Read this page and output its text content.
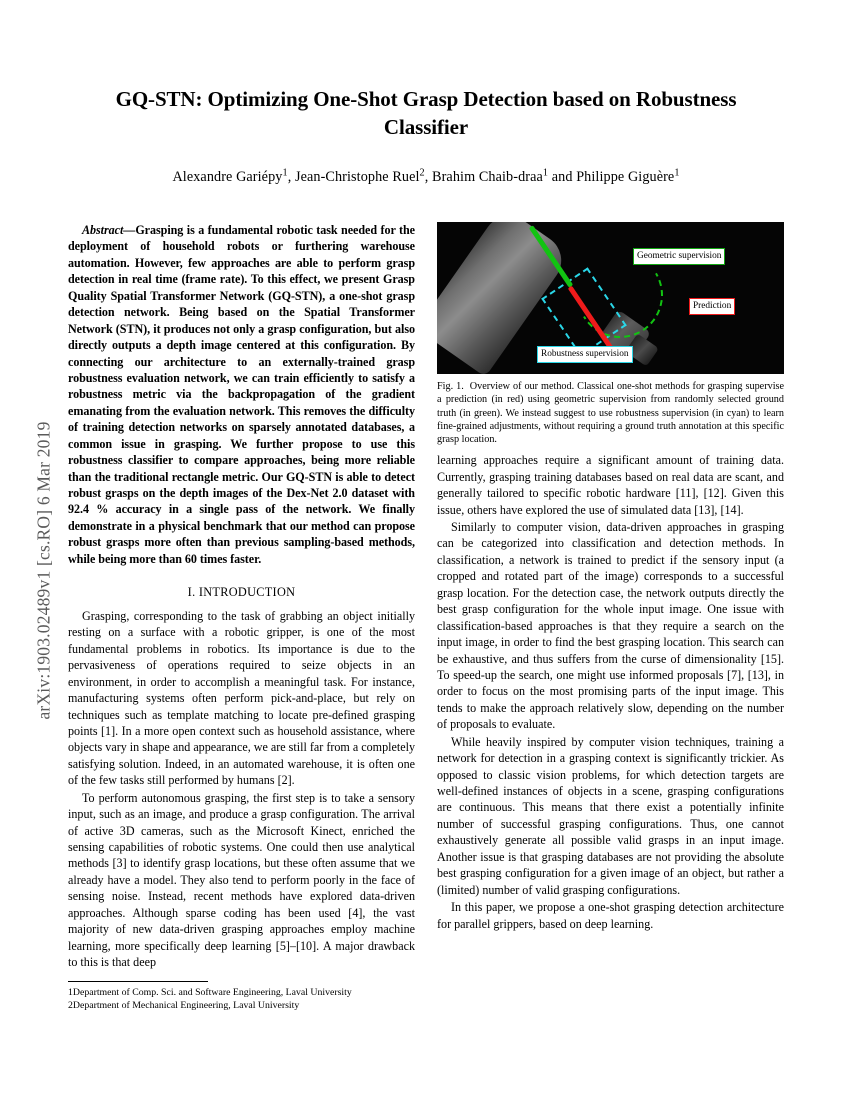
arXiv:1903.02489v1 [cs.RO] 6 Mar 2019
GQ-STN: Optimizing One-Shot Grasp Detection based on Robustness Classifier
Alexandre Gariépy$^1$, Jean-Christophe Ruel$^2$, Brahim Chaib-draa$^1$ and Philippe Giguère$^1$

Abstract—Grasping is a fundamental robotic task needed for the deployment of household robots or furthering warehouse automation. However, few approaches are able to perform grasp detection in real time (frame rate). To this effect, we present Grasp Quality Spatial Transformer Network (GQ-STN), a one-shot grasp detection network. Being based on the Spatial Transformer Network (STN), it produces not only a grasp configuration, but also directly outputs a depth image centered at this configuration. By connecting our architecture to an externally-trained grasp robustness evaluation network, we can train efficiently to satisfy a robustness metric via the backpropagation of the gradient emanating from the evaluation network. This removes the difficulty of training detection networks on sparsely annotated databases, a common issue in grasping. We further propose to use this robustness classifier to compare approaches, being more reliable than the traditional rectangle metric. Our GQ-STN is able to detect robust grasps on the depth images of the Dex-Net 2.0 dataset with 92.4 % accuracy in a single pass of the network. We finally demonstrate in a physical benchmark that our method can propose robust grasps more often than previous sampling-based methods, while being more than 60 times faster.

I. INTRODUCTION

Grasping, corresponding to the task of grabbing an object initially resting on a surface with a robotic gripper, is one of the most fundamental problems in robotics. Its importance is due to the pervasiveness of operations required to seize objects in an environment, in order to accomplish a meaningful task. For instance, manufacturing systems often perform pick-and-place, but rely on techniques such as template matching to locate pre-defined grasping points [1]. In a more open context such as household assistance, where objects vary in shape and appearance, we are still far from a completely satisfying solution. Indeed, in an automated warehouse, it is often one of the few tasks still performed by humans [2].

To perform autonomous grasping, the first step is to take a sensory input, such as an image, and produce a grasp configuration. The arrival of active 3D cameras, such as the Microsoft Kinect, enriched the sensing capabilities of robotic systems. One could then use analytical methods [3] to identify grasp locations, but these often assume that we already have a model. They also tend to perform poorly in the face of sensing noise. Instead, recent methods have explored data-driven approaches. Although sparse coding has been used [4], the vast majority of new data-driven grasping approaches employ machine learning, more specifically deep learning [5]–[10]. A major drawback to this is that deep

1Department of Comp. Sci. and Software Engineering, Laval University
2Department of Mechanical Engineering, Laval University
Geometric supervision
Prediction
Robustness supervision
Fig. 1. Overview of our method. Classical one-shot methods for grasping supervise a prediction (in red) using geometric supervision from randomly selected ground truth (in green). We instead suggest to use robustness supervision (in cyan) to learn fine-grained adjustments, without requiring a ground truth annotation at this specific grasp location.

learning approaches require a significant amount of training data. Currently, grasping training databases based on real data are scant, and generally tailored to specific robotic hardware [11], [12]. Given this issue, others have explored the use of simulated data [13], [14].

Similarly to computer vision, data-driven approaches in grasping can be categorized into classification and detection methods. In classification, a network is trained to predict if the sensory input (a cropped and rotated part of the image) corresponds to a successful grasp location. For the detection case, the network outputs directly the best grasp configuration for the whole input image. One issue with classification-based approaches is that they require a search on the input image, in order to find the best grasping location. This search can be exhaustive, and thus suffers from the curse of dimensionality [15]. To speed-up the search, one might use informed proposals [7], [13], in order to focus on the most promising parts of the input image. This tends to make the approach relatively slow, depending on the number of proposals to evaluate.

While heavily inspired by computer vision techniques, training a network for detection in a grasping context is significantly trickier. As opposed to classic vision problems, for which detection targets are well-defined instances of objects in a scene, grasping configurations are continuous. This means that there exist a potentially infinite number of successful grasping configurations. Thus, one cannot exhaustively generate all possible valid grasps in an input image. Another issue is that grasping databases are not providing the absolute best grasping configuration for a given image of an object, but rather a (limited) number of valid grasping configurations.

In this paper, we propose a one-shot grasping detection architecture for parallel grippers, based on deep learning.
